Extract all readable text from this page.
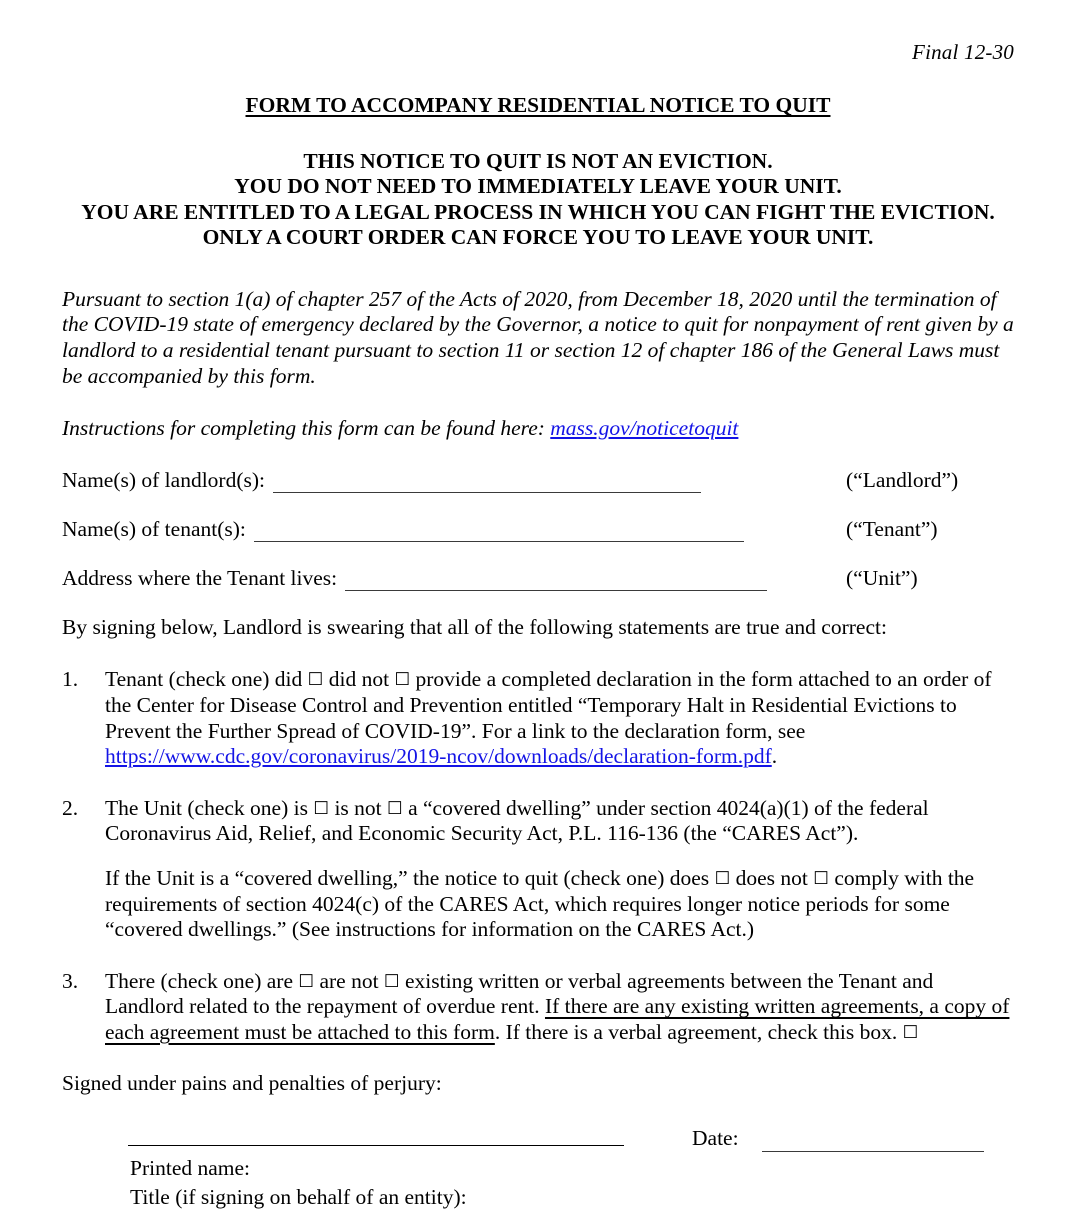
Final 12-30
FORM TO ACCOMPANY RESIDENTIAL NOTICE TO QUIT
THIS NOTICE TO QUIT IS NOT AN EVICTION.
YOU DO NOT NEED TO IMMEDIATELY LEAVE YOUR UNIT.
YOU ARE ENTITLED TO A LEGAL PROCESS IN WHICH YOU CAN FIGHT THE EVICTION.
ONLY A COURT ORDER CAN FORCE YOU TO LEAVE YOUR UNIT.
Pursuant to section 1(a) of chapter 257 of the Acts of 2020, from December 18, 2020 until the termination of the COVID-19 state of emergency declared by the Governor, a notice to quit for nonpayment of rent given by a landlord to a residential tenant pursuant to section 11 or section 12 of chapter 186 of the General Laws must be accompanied by this form.
Instructions for completing this form can be found here: mass.gov/noticetoquit
Name(s) of landlord(s):	(“Landlord”)
Name(s) of tenant(s):	(“Tenant”)
Address where the Tenant lives:	(“Unit”)
By signing below, Landlord is swearing that all of the following statements are true and correct:
1.	Tenant (check one) did ☐ did not ☐ provide a completed declaration in the form attached to an order of the Center for Disease Control and Prevention entitled “Temporary Halt in Residential Evictions to Prevent the Further Spread of COVID-19”. For a link to the declaration form, see https://www.cdc.gov/coronavirus/2019-ncov/downloads/declaration-form.pdf.

2.	The Unit (check one) is ☐ is not ☐ a “covered dwelling” under section 4024(a)(1) of the federal Coronavirus Aid, Relief, and Economic Security Act, P.L. 116-136 (the “CARES Act”).

If the Unit is a “covered dwelling,” the notice to quit (check one) does ☐ does not ☐ comply with the requirements of section 4024(c) of the CARES Act, which requires longer notice periods for some “covered dwellings.” (See instructions for information on the CARES Act.)

3.	There (check one) are ☐ are not ☐ existing written or verbal agreements between the Tenant and Landlord related to the repayment of overdue rent. If there are any existing written agreements, a copy of each agreement must be attached to this form. If there is a verbal agreement, check this box. ☐

Signed under pains and penalties of perjury:
Date:
Printed name:
Title (if signing on behalf of an entity):
